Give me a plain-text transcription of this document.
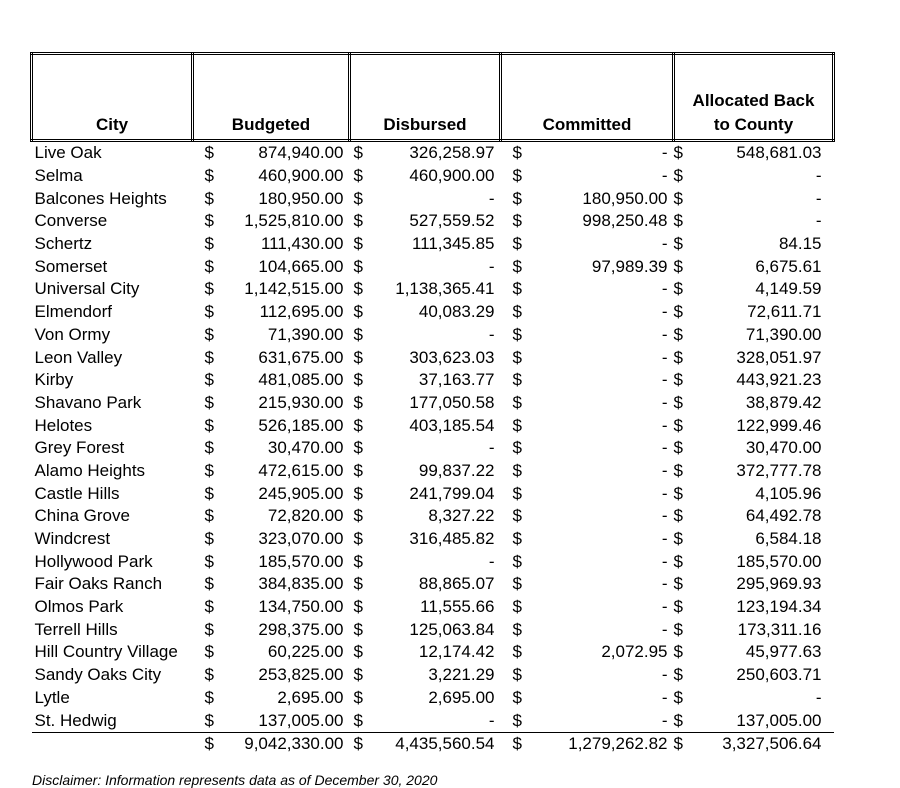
City	Budgeted	Disbursed	Committed	Allocated Back
to County
Live Oak	$ 874,940.00	$ 326,258.97	$ -	$ 548,681.03

Selma	$ 460,900.00	$ 460,900.00	$ -	$ -

Balcones Heights	$ 180,950.00	$ -	$ 180,950.00	$ -

Converse	$ 1,525,810.00	$ 527,559.52	$ 998,250.48	$ -

Schertz	$ 111,430.00	$ 111,345.85	$ -	$ 84.15

Somerset	$ 104,665.00	$ -	$ 97,989.39	$ 6,675.61

Universal City	$ 1,142,515.00	$ 1,138,365.41	$ -	$ 4,149.59

Elmendorf	$ 112,695.00	$ 40,083.29	$ -	$ 72,611.71

Von Ormy	$ 71,390.00	$ -	$ -	$ 71,390.00

Leon Valley	$ 631,675.00	$ 303,623.03	$ -	$ 328,051.97

Kirby	$ 481,085.00	$ 37,163.77	$ -	$ 443,921.23

Shavano Park	$ 215,930.00	$ 177,050.58	$ -	$ 38,879.42

Helotes	$ 526,185.00	$ 403,185.54	$ -	$ 122,999.46

Grey Forest	$ 30,470.00	$ -	$ -	$ 30,470.00

Alamo Heights	$ 472,615.00	$ 99,837.22	$ -	$ 372,777.78

Castle Hills	$ 245,905.00	$ 241,799.04	$ -	$ 4,105.96

China Grove	$ 72,820.00	$ 8,327.22	$ -	$ 64,492.78

Windcrest	$ 323,070.00	$ 316,485.82	$ -	$ 6,584.18

Hollywood Park	$ 185,570.00	$ -	$ -	$ 185,570.00

Fair Oaks Ranch	$ 384,835.00	$ 88,865.07	$ -	$ 295,969.93

Olmos Park	$ 134,750.00	$ 11,555.66	$ -	$ 123,194.34

Terrell Hills	$ 298,375.00	$ 125,063.84	$ -	$ 173,311.16

Hill Country Village	$ 60,225.00	$ 12,174.42	$ 2,072.95	$ 45,977.63

Sandy Oaks City	$ 253,825.00	$ 3,221.29	$ -	$ 250,603.71

Lytle	$ 2,695.00	$ 2,695.00	$ -	$ -

St. Hedwig	$ 137,005.00	$ -	$ -	$ 137,005.00

	$ 9,042,330.00	$ 4,435,560.54	$ 1,279,262.82	$ 3,327,506.64
Disclaimer: Information represents data as of December 30, 2020
